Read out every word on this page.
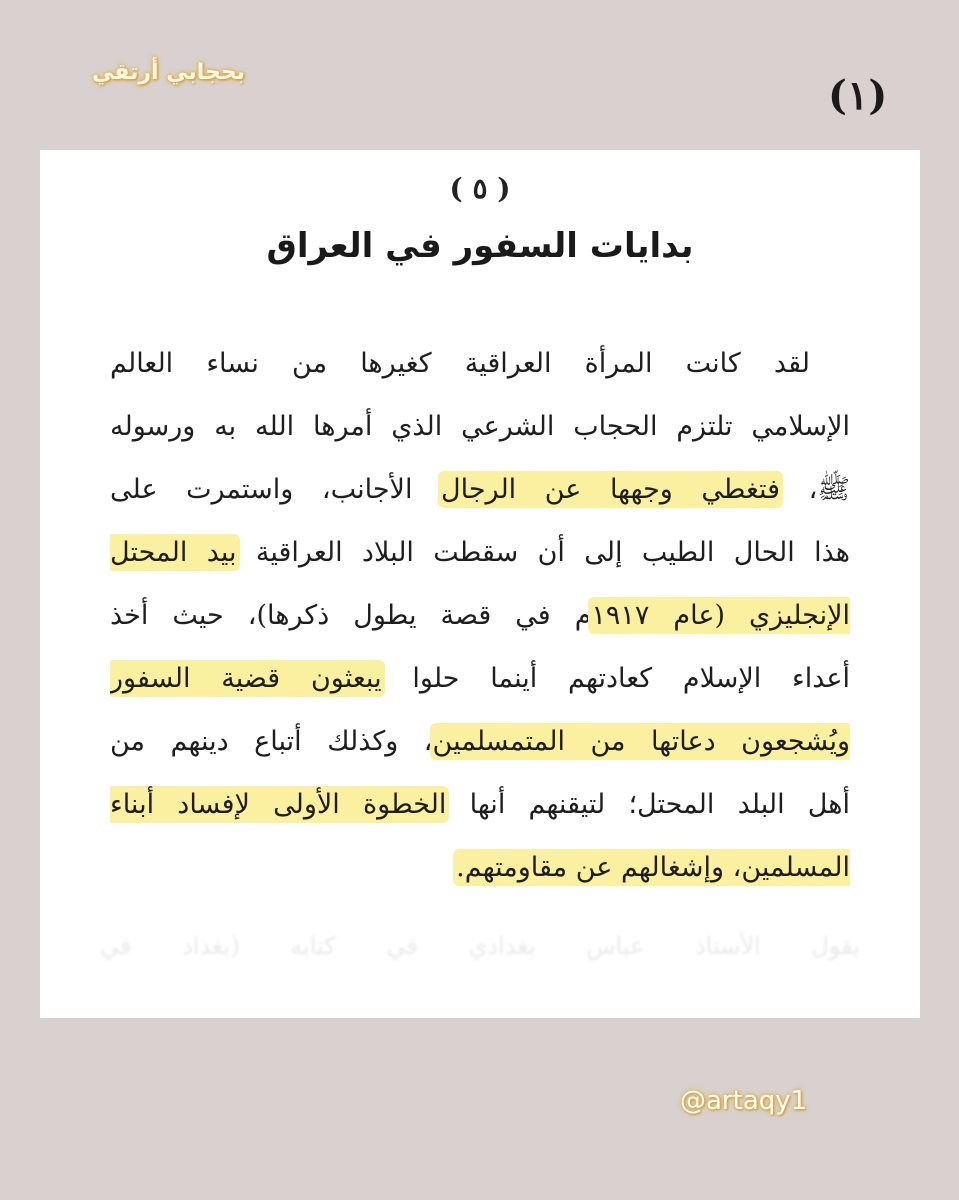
بحجابي أرتقي	(١)
( ٥ )
بدايات السفور في العراق
لقد كانت المرأة العراقية كغيرها من نساء العالم
الإسلامي تلتزم الحجاب الشرعي الذي أمرها الله به ورسوله
ﷺ، فتغطي وجهها عن الرجال الأجانب، واستمرت على
هذا الحال الطيب إلى أن سقطت البلاد العراقية بيد المحتل
الإنجليزي (عام ١٩١٧م في قصة يطول ذكرها)، حيث أخذ
أعداء الإسلام كعادتهم أينما حلوا يبعثون قضية السفور
ويُشجعون دعاتها من المتمسلمين، وكذلك أتباع دينهم من
أهل البلد المحتل؛ لتيقنهم أنها الخطوة الأولى لإفساد أبناء
المسلمين، وإشغالهم عن مقاومتهم.
يقول الأستاذ عباس بغدادي في كتابه (بغداد في
@artaqy1
